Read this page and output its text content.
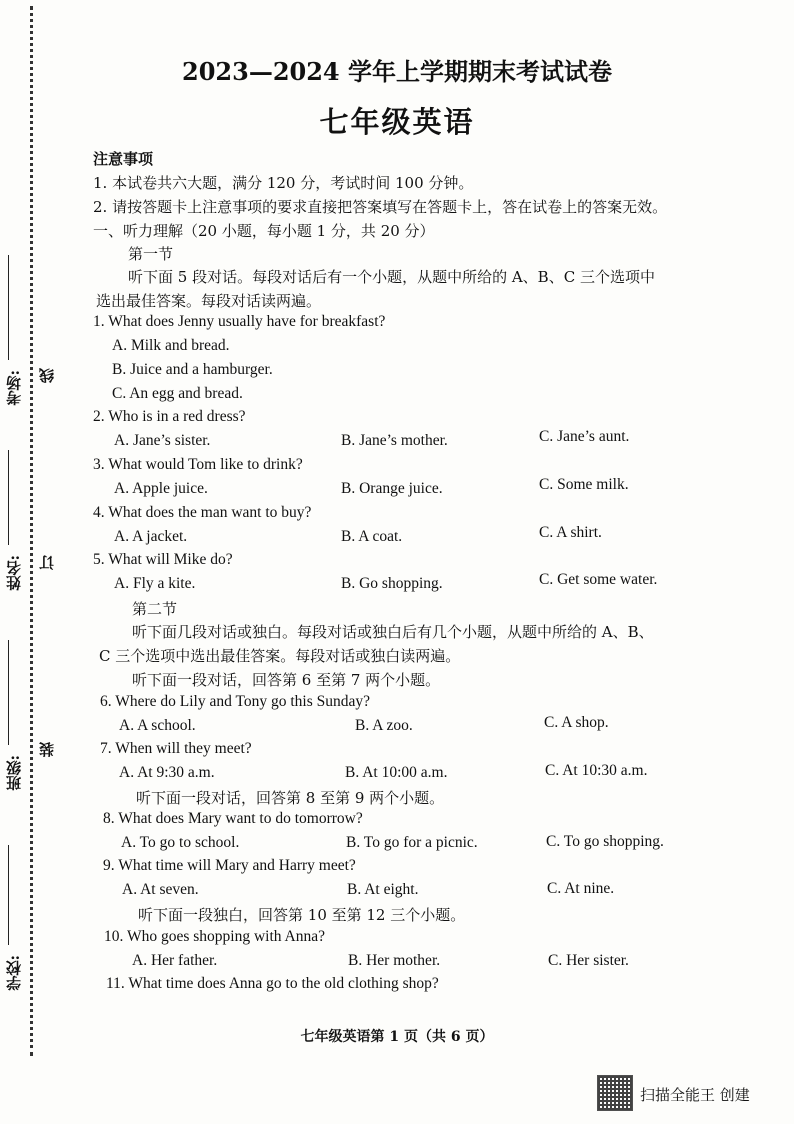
考场:
姓名:
班级:
学校:
线
订
装
2023—2024 学年上学期期末考试试卷
七年级英语
注意事项
1. 本试卷共六大题，满分 120 分，考试时间 100 分钟。
2. 请按答题卡上注意事项的要求直接把答案填写在答题卡上，答在试卷上的答案无效。
一、听力理解（20 小题，每小题 1 分，共 20 分）
第一节
听下面 5 段对话。每段对话后有一个小题，从题中所给的 A、B、C 三个选项中
选出最佳答案。每段对话读两遍。
1. What does Jenny usually have for breakfast?
A. Milk and bread.
B. Juice and a hamburger.
C. An egg and bread.
2. Who is in a red dress?
A. Jane’s sister.	B. Jane’s mother.	C. Jane’s aunt.
3. What would Tom like to drink?
A. Apple juice.	B. Orange juice.	C. Some milk.
4. What does the man want to buy?
A. A jacket.	B. A coat.	C. A shirt.
5. What will Mike do?
A. Fly a kite.	B. Go shopping.	C. Get some water.
第二节
听下面几段对话或独白。每段对话或独白后有几个小题，从题中所给的 A、B、
C 三个选项中选出最佳答案。每段对话或独白读两遍。
听下面一段对话，回答第 6 至第 7 两个小题。
6. Where do Lily and Tony go this Sunday?
A. A school.	B. A zoo.	C. A shop.
7. When will they meet?
A. At 9:30 a.m.	B. At 10:00 a.m.	C. At 10:30 a.m.
听下面一段对话，回答第 8 至第 9 两个小题。
8. What does Mary want to do tomorrow?
A. To go to school.	B. To go for a picnic.	C. To go shopping.
9. What time will Mary and Harry meet?
A. At seven.	B. At eight.	C. At nine.
听下面一段独白，回答第 10 至第 12 三个小题。
10. Who goes shopping with Anna?
A. Her father.	B. Her mother.	C. Her sister.
11. What time does Anna go to the old clothing shop?
七年级英语第 1 页（共 6 页）
扫描全能王 创建
